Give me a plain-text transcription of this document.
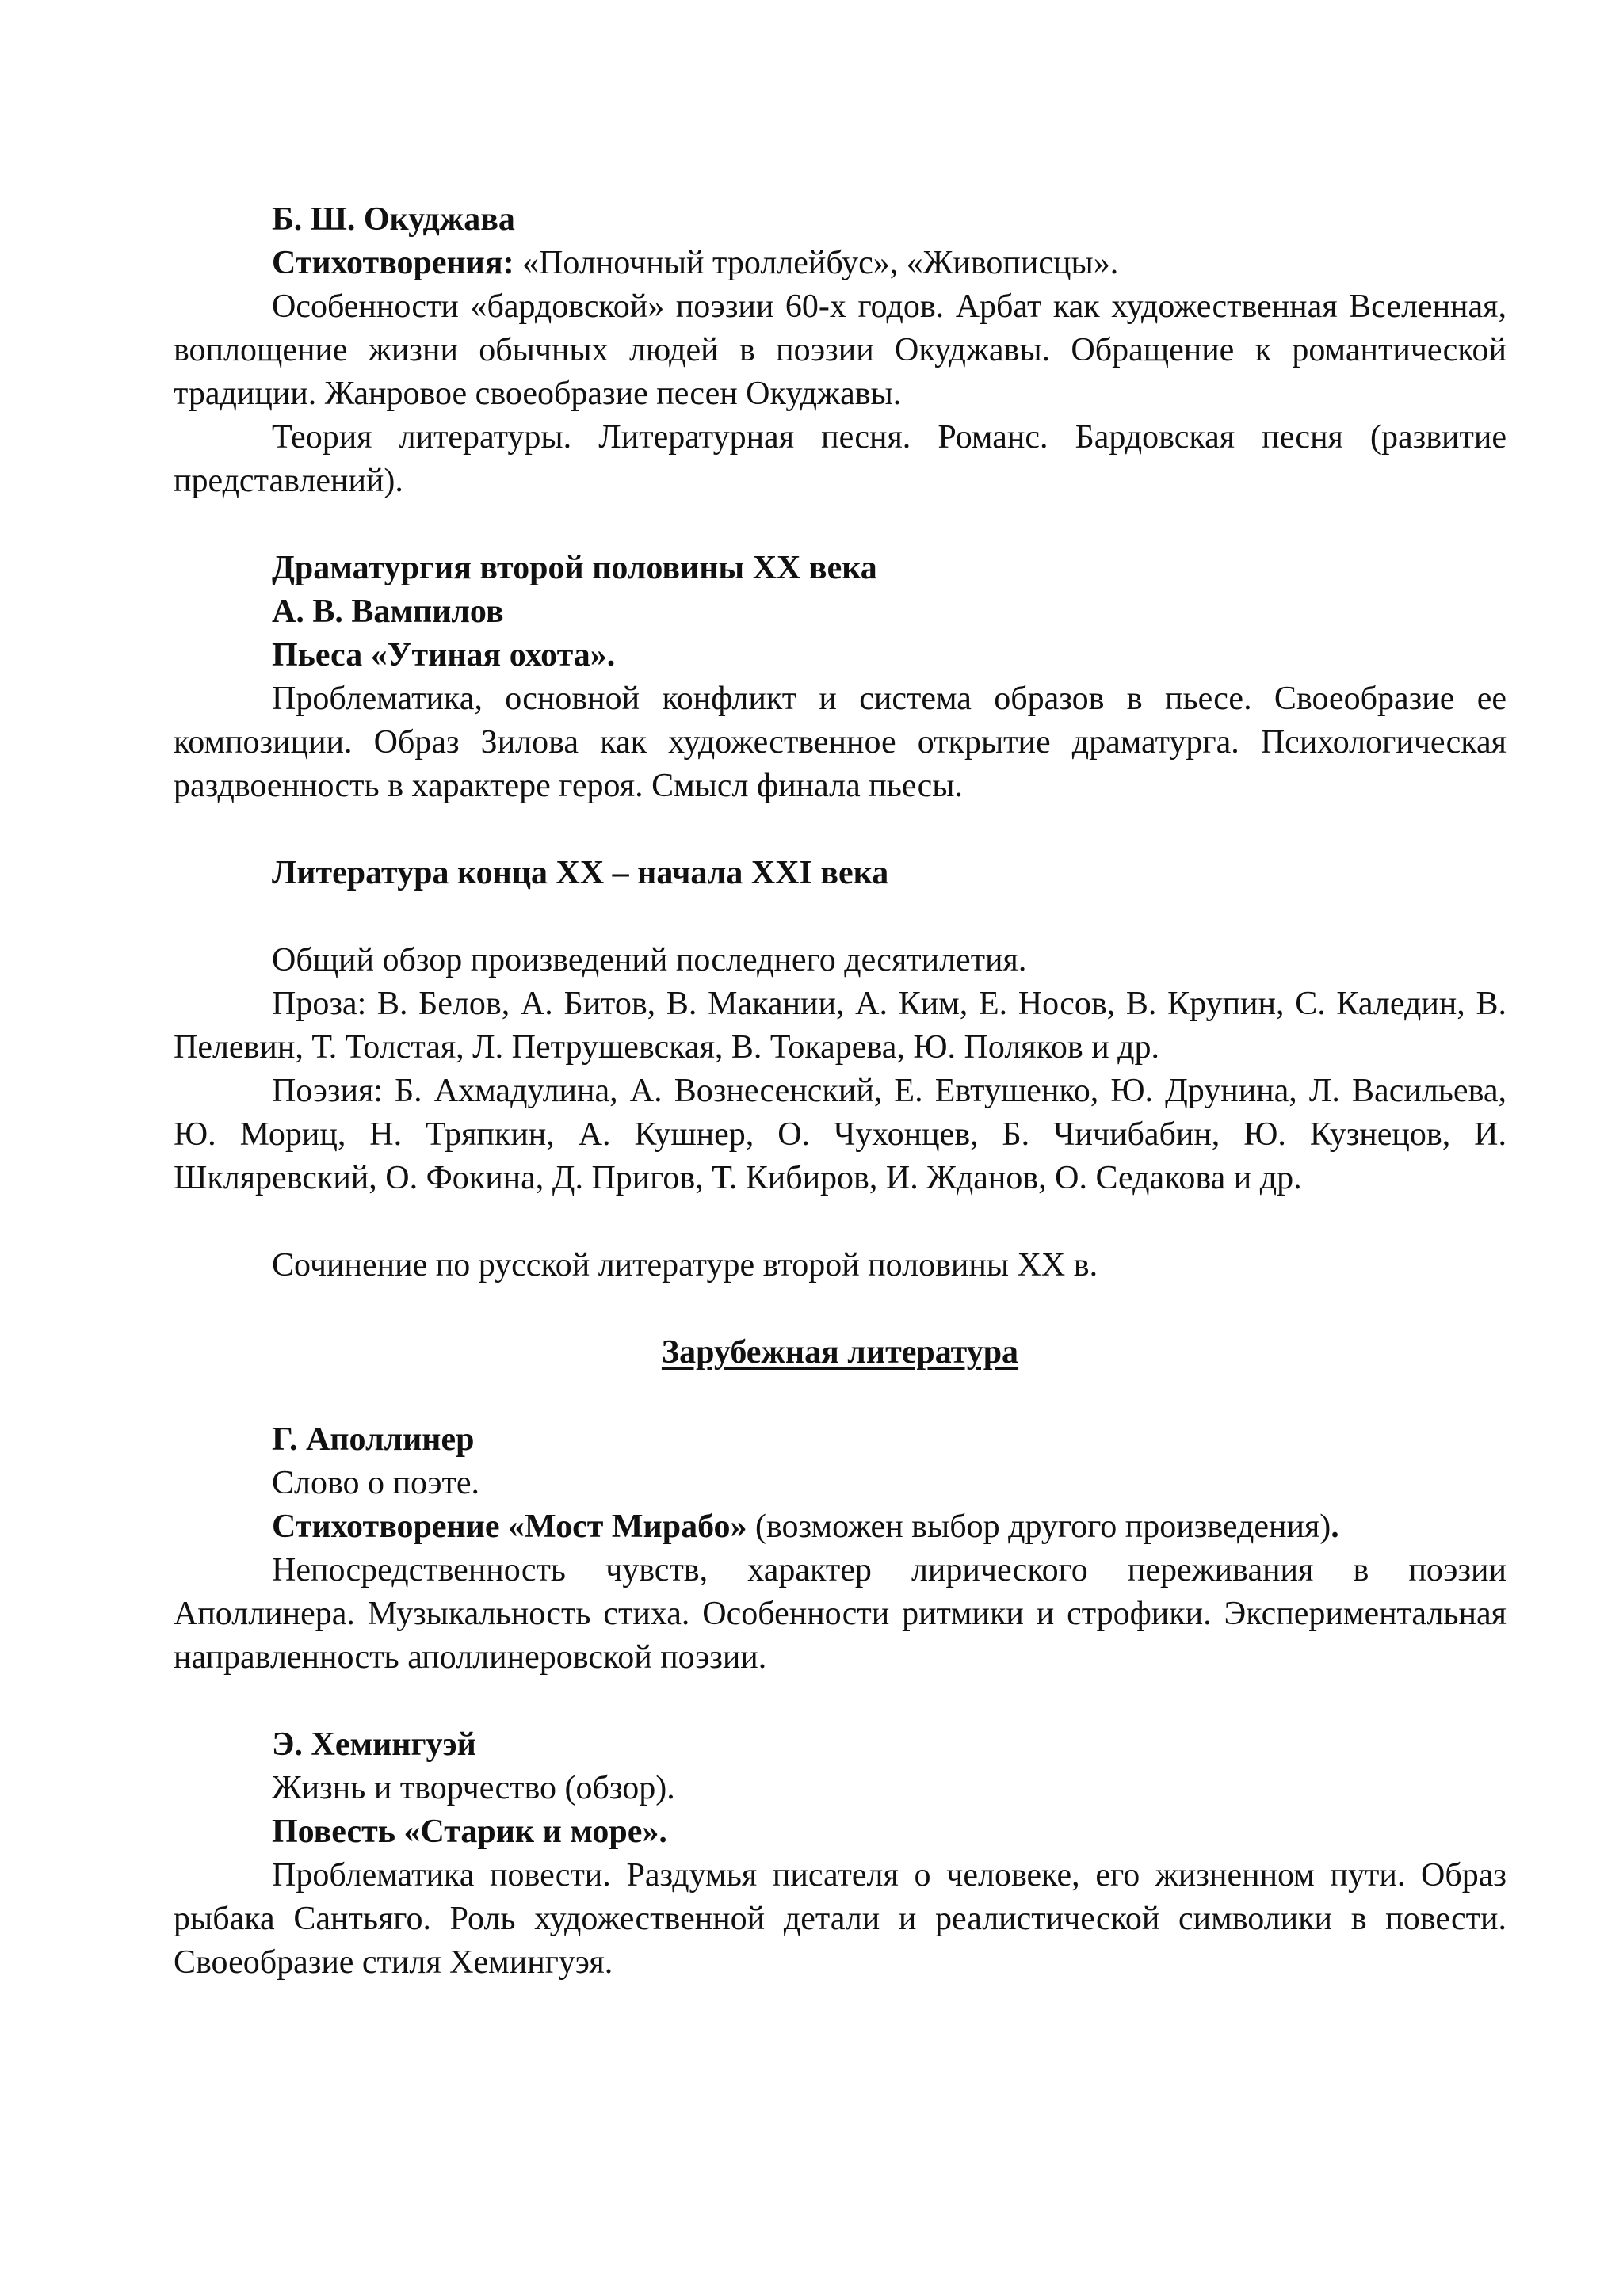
Б. Ш. Окуджава

Стихотворения: «Полночный троллейбус», «Живописцы».

Особенности «бардовской» поэзии 60-х годов. Арбат как художественная Вселенная, воплощение жизни обычных людей в поэзии Окуджавы. Обращение к романтической традиции. Жанровое своеобразие песен Окуджавы.

Теория литературы. Литературная песня. Романс. Бардовская песня (развитие представлений).

Драматургия второй половины XX века

А. В. Вампилов

Пьеса «Утиная охота».

Проблематика, основной конфликт и система образов в пьесе. Своеобразие ее композиции. Образ Зилова как художественное открытие драматурга. Психологическая раздвоенность в характере героя. Смысл финала пьесы.

Литература конца XX – начала XXI века

Общий обзор произведений последнего десятилетия.

Проза: В. Белов, А. Битов, В. Макании, А. Ким, Е. Носов, В. Крупин, С. Каледин, В. Пелевин, Т. Толстая, Л. Петрушевская, В. Токарева, Ю. Поляков и др.

Поэзия: Б. Ахмадулина, А. Вознесенский, Е. Евтушенко, Ю. Друнина, Л. Васильева, Ю. Мориц, Н. Тряпкин, А. Кушнер, О. Чухонцев, Б. Чичибабин, Ю. Кузнецов, И. Шкляревский, О. Фокина, Д. Пригов, Т. Кибиров, И. Жданов, О. Седакова и др.

Сочинение по русской литературе второй половины XX в.

Зарубежная литература

Г. Аполлинер

Слово о поэте.

Стихотворение «Мост Мирабо» (возможен выбор другого произведения).

Непосредственность чувств, характер лирического переживания в поэзии Аполлинера. Музыкальность стиха. Особенности ритмики и строфики. Экспериментальная направленность аполлинеровской поэзии.

Э. Хемингуэй

Жизнь и творчество (обзор).

Повесть «Старик и море».

Проблематика повести. Раздумья писателя о человеке, его жизненном пути. Образ рыбака Сантьяго. Роль художественной детали и реалистической символики в повести. Своеобразие стиля Хемингуэя.
